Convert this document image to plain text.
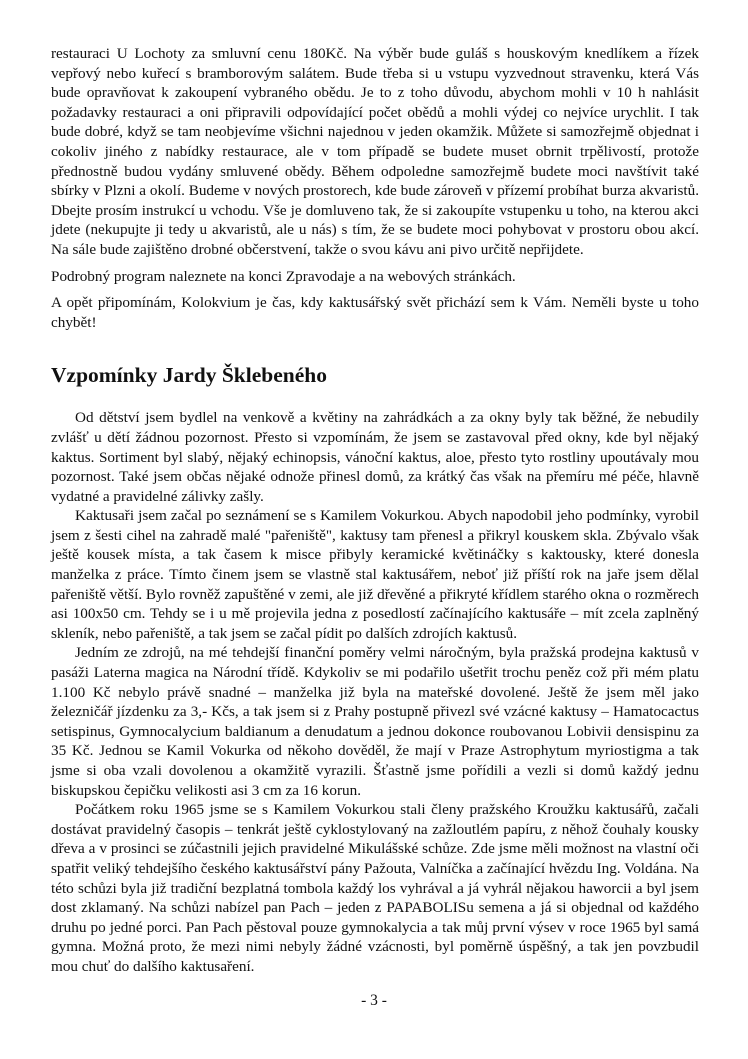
restauraci U Lochoty za smluvní cenu 180Kč. Na výběr bude guláš s houskovým knedlíkem a řízek vepřový nebo kuřecí s bramborovým salátem. Bude třeba si u vstupu vyzvednout stravenku, která Vás bude opravňovat k zakoupení vybraného obědu. Je to z toho důvodu, abychom mohli v 10 h nahlásit požadavky restauraci a oni připravili odpovídající počet obědů a mohli výdej co nejvíce urychlit. I tak bude dobré, když se tam neobjevíme všichni najednou v jeden okamžik. Můžete si samozřejmě objednat i cokoliv jiného z nabídky restaurace, ale v tom případě se budete muset obrnit trpělivostí, protože přednostně budou vydány smluvené obědy. Během odpoledne samozřejmě budete moci navštívit také sbírky v Plzni a okolí. Budeme v nových prostorech, kde bude zároveň v přízemí probíhat burza akvaristů. Dbejte prosím instrukcí u vchodu. Vše je domluveno tak, že si zakoupíte vstupenku u toho, na kterou akci jdete (nekupujte ji tedy u akvaristů, ale u nás) s tím, že se budete moci pohybovat v prostoru obou akcí. Na sále bude zajištěno drobné občerstvení, takže o svou kávu ani pivo určitě nepřijdete.

Podrobný program naleznete na konci Zpravodaje a na webových stránkách.

A opět připomínám, Kolokvium je čas, kdy kaktusářský svět přichází sem k Vám. Neměli byste u toho chybět!

Vzpomínky Jardy Šklebeného

Od dětství jsem bydlel na venkově a květiny na zahrádkách a za okny byly tak běžné, že nebudily zvlášť u dětí žádnou pozornost. Přesto si vzpomínám, že jsem se zastavoval před okny, kde byl nějaký kaktus. Sortiment byl slabý, nějaký echinopsis, vánoční kaktus, aloe, přesto tyto rostliny upoutávaly mou pozornost. Také jsem občas nějaké odnože přinesl domů, za krátký čas však na přemíru mé péče, hlavně vydatné a pravidelné zálivky zašly.

Kaktusaři jsem začal po seznámení se s Kamilem Vokurkou. Abych napodobil jeho podmínky, vyrobil jsem z šesti cihel na zahradě malé "pařeniště", kaktusy tam přenesl a přikryl kouskem skla. Zbývalo však ještě kousek místa, a tak časem k misce přibyly keramické květináčky s kaktousky, které donesla manželka z práce. Tímto činem jsem se vlastně stal kaktusářem, neboť již příští rok na jaře jsem dělal pařeniště větší. Bylo rovněž zapuštěné v zemi, ale již dřevěné a přikryté křídlem starého okna o rozměrech asi 100x50 cm. Tehdy se i u mě projevila jedna z posedlostí začínajícího kaktusáře – mít zcela zaplněný skleník, nebo pařeniště, a tak jsem se začal pídit po dalších zdrojích kaktusů.

Jedním ze zdrojů, na mé tehdejší finanční poměry velmi náročným, byla pražská prodejna kaktusů v pasáži Laterna magica na Národní třídě. Kdykoliv se mi podařilo ušetřit trochu peněz což při mém platu 1.100 Kč nebylo právě snadné – manželka již byla na mateřské dovolené. Ještě že jsem měl jako železničář jízdenku za 3,- Kčs, a tak jsem si z Prahy postupně přivezl své vzácné kaktusy – Hamatocactus setispinus, Gymnocalycium baldianum a denudatum a jednou dokonce roubovanou Lobivii densispinu za 35 Kč. Jednou se Kamil Vokurka od někoho dověděl, že mají v Praze Astrophytum myriostigma a tak jsme si oba vzali dovolenou a okamžitě vyrazili. Šťastně jsme pořídili a vezli si domů každý jednu biskupskou čepičku velikosti asi 3 cm za 16 korun.

Počátkem roku 1965 jsme se s Kamilem Vokurkou stali členy pražského Kroužku kaktusářů, začali dostávat pravidelný časopis – tenkrát ještě cyklostylovaný na zažloutlém papíru, z něhož čouhaly kousky dřeva a v prosinci se zúčastnili jejich pravidelné Mikulášské schůze. Zde jsme měli možnost na vlastní oči spatřit veliký tehdejšího českého kaktusářství pány Pažouta, Valníčka a začínající hvězdu Ing. Voldána. Na této schůzi byla již tradiční bezplatná tombola každý los vyhrával a já vyhrál nějakou haworcii a byl jsem dost zklamaný. Na schůzi nabízel pan Pach – jeden z PAPABOLISu semena a já si objednal od každého druhu po jedné porci. Pan Pach pěstoval pouze gymnokalycia a tak můj první výsev v roce 1965 byl samá gymna. Možná proto, že mezi nimi nebyly žádné vzácnosti, byl poměrně úspěšný, a tak jen povzbudil mou chuť do dalšího kaktusaření.

- 3 -
